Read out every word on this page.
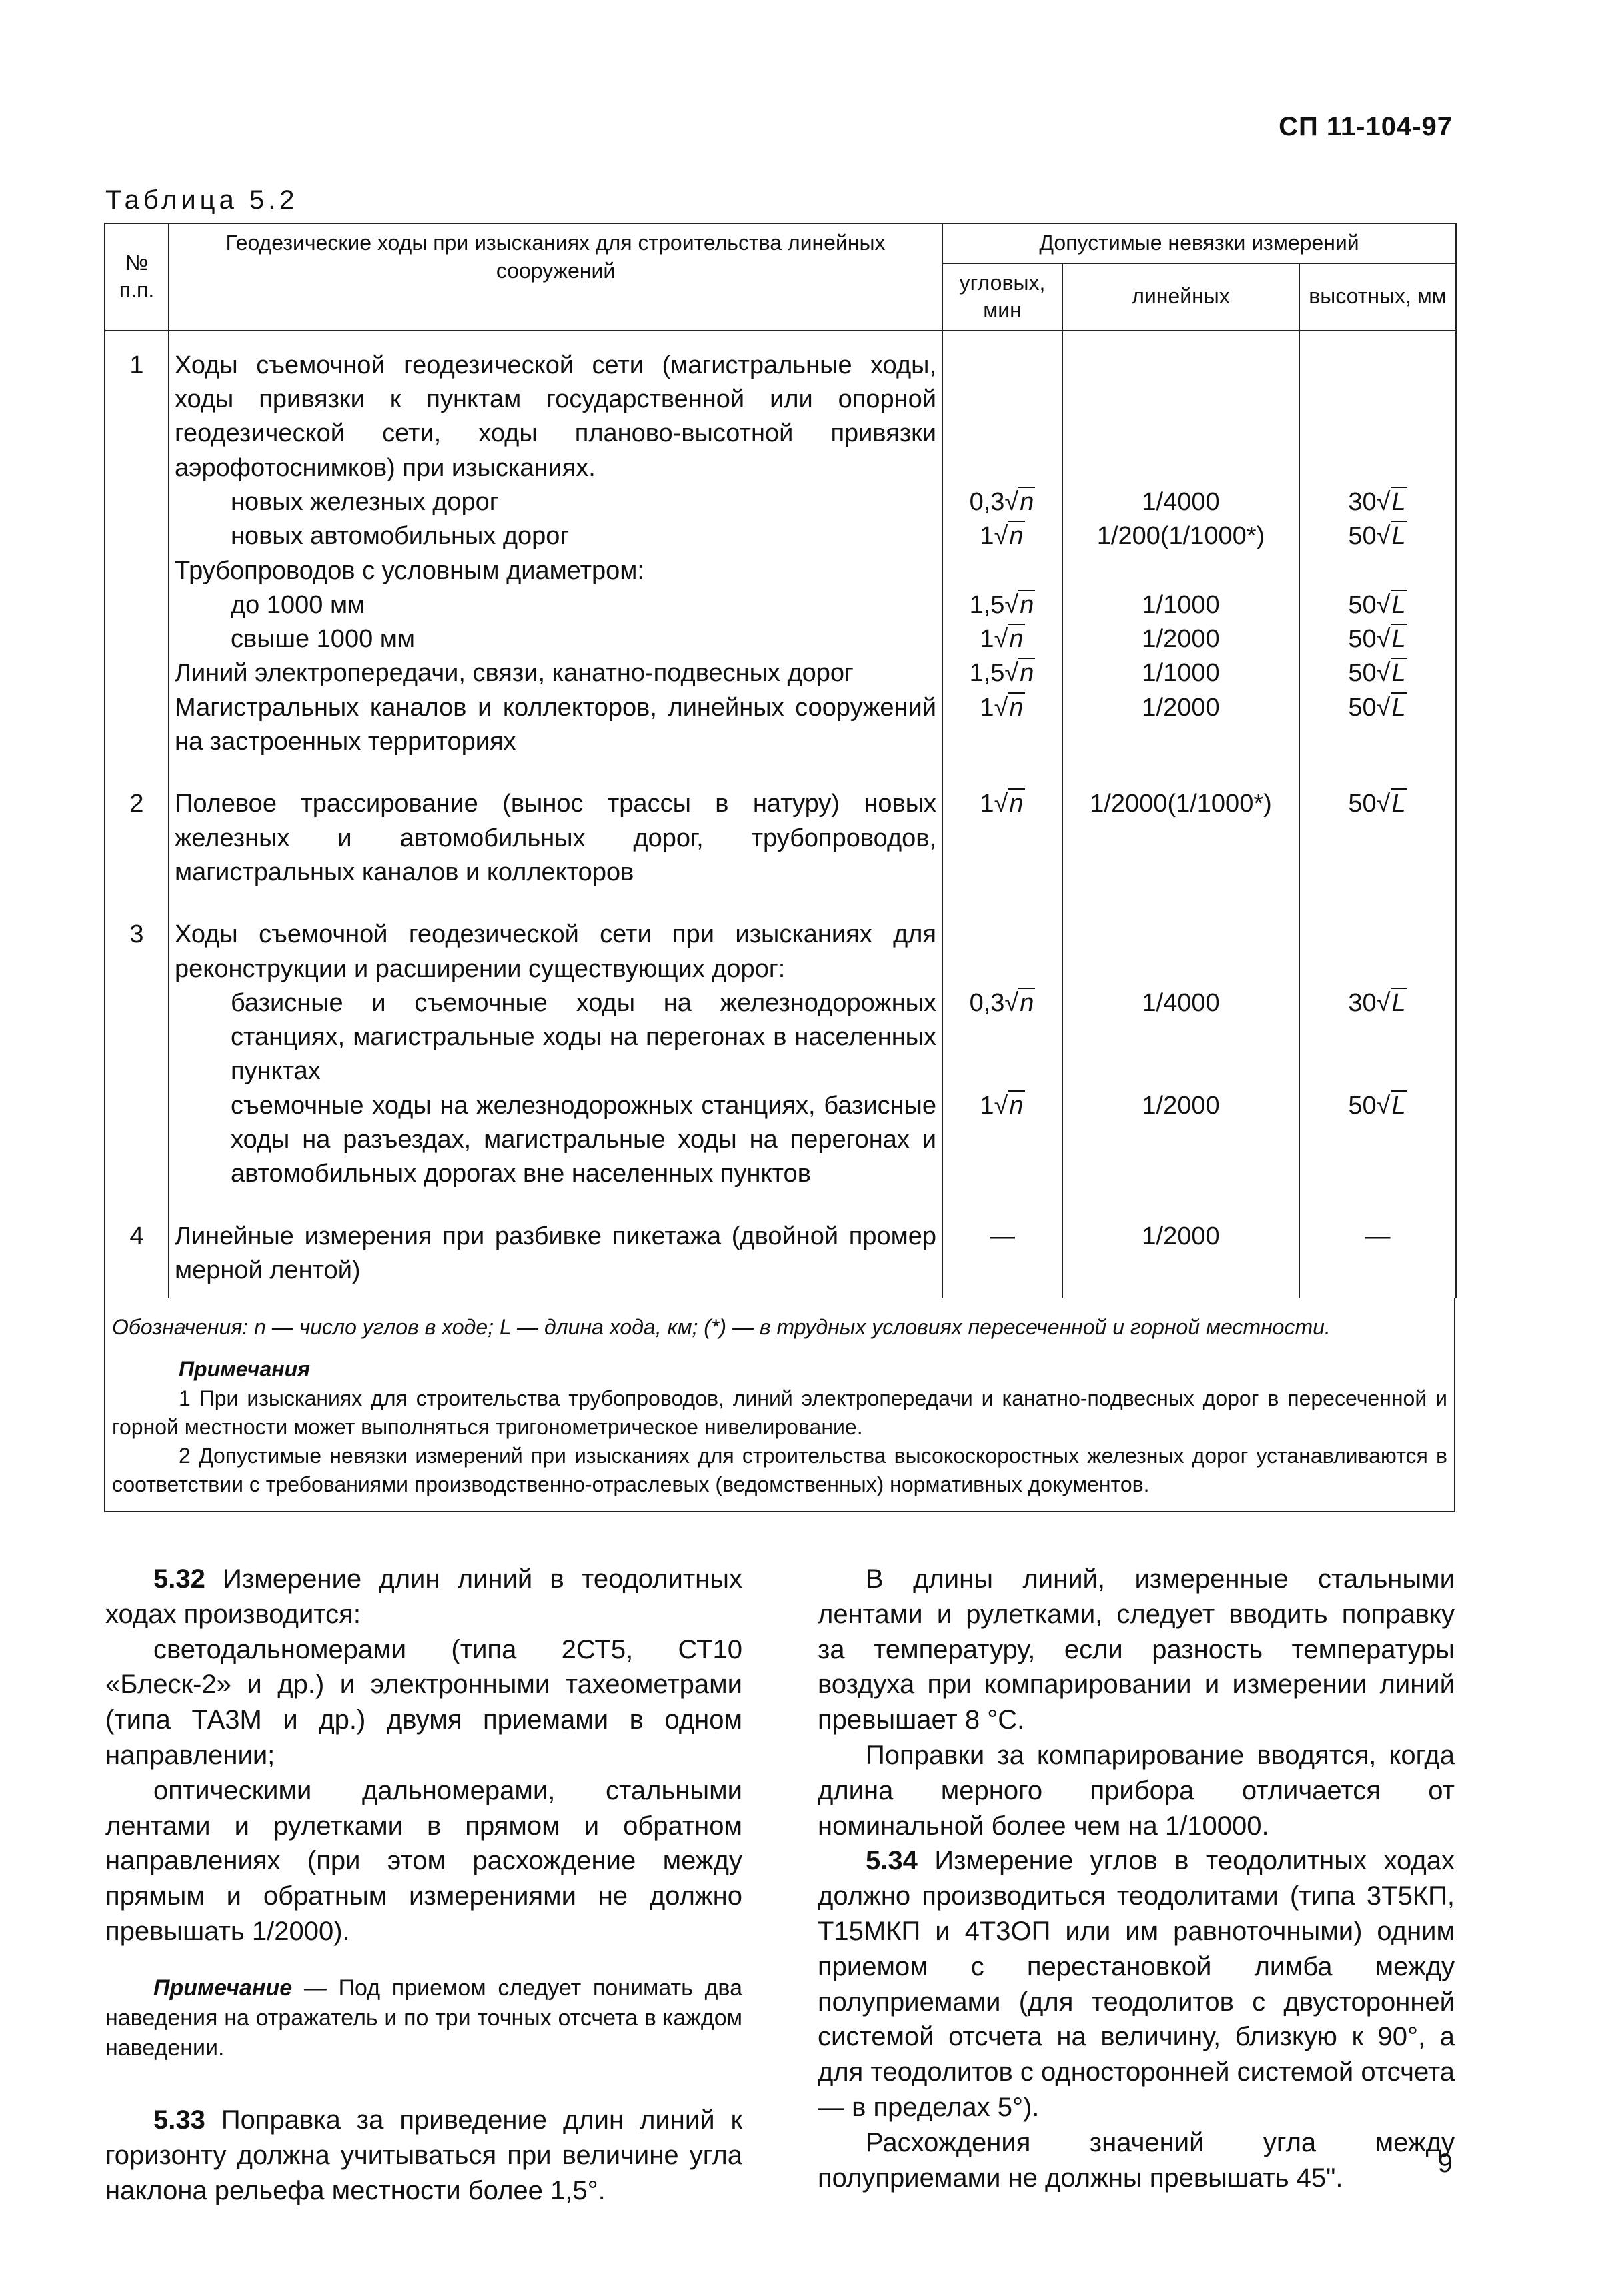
СП 11-104-97
Таблица 5.2
№ п.п.	Геодезические ходы при изысканиях для строительства линейных сооружений	Допустимые невязки измерений		
		угловых, мин	линейных	высотных, мм
1	Ходы съемочной геодезической сети (магистральные ходы, ходы привязки к пунктам государственной или опорной геодезической сети, ходы планово-высотной привязки аэрофотоснимков) при изысканиях.			
	новых железных дорог	0,3√n	1/4000	30√L
	новых автомобильных дорог	1√n	1/200(1/1000*)	50√L
	Трубопроводов с условным диаметром:			
	до 1000 мм	1,5√n	1/1000	50√L
	свыше 1000 мм	1√n	1/2000	50√L
	Линий электропередачи, связи, канатно-подвесных дорог	1,5√n	1/1000	50√L
	Магистральных каналов и коллекторов, линейных сооружений на застроенных территориях	1√n	1/2000	50√L
2	Полевое трассирование (вынос трассы в натуру) новых железных и автомобильных дорог, трубопроводов, магистральных каналов и коллекторов	1√n	1/2000(1/1000*)	50√L
3	Ходы съемочной геодезической сети при изысканиях для реконструкции и расширении существующих дорог:			
	базисные и съемочные ходы на железнодорожных станциях, магистральные ходы на перегонах в населенных пунктах	0,3√n	1/4000	30√L
	съемочные ходы на железнодорожных станциях, базисные ходы на разъездах, магистральные ходы на перегонах и автомобильных дорогах вне населенных пунктов	1√n	1/2000	50√L
4	Линейные измерения при разбивке пикетажа (двойной промер мерной лентой)	—	1/2000	—

Обозначения: n — число углов в ходе; L — длина хода, км; (*) — в трудных условиях пересеченной и горной местности.

Примечания

1 При изысканиях для строительства трубопроводов, линий электропередачи и канатно-подвесных дорог в пересеченной и горной местности может выполняться тригонометрическое нивелирование.

2 Допустимые невязки измерений при изысканиях для строительства высокоскоростных железных дорог устанавливаются в соответствии с требованиями производственно-отраслевых (ведомственных) нормативных документов.

5.32 Измерение длин линий в теодолитных ходах производится:

светодальномерами (типа 2СТ5, СТ10 «Блеск-2» и др.) и электронными тахеометрами (типа ТА3М и др.) двумя приемами в одном направлении;

оптическими дальномерами, стальными лентами и рулетками в прямом и обратном направлениях (при этом расхождение между прямым и обратным измерениями не должно превышать 1/2000).

Примечание — Под приемом следует понимать два наведения на отражатель и по три точных отсчета в каждом наведении.

5.33 Поправка за приведение длин линий к горизонту должна учитываться при величине угла наклона рельефа местности более 1,5°.

В длины линий, измеренные стальными лентами и рулетками, следует вводить поправку за температуру, если разность температуры воздуха при компарировании и измерении линий превышает 8 °С.

Поправки за компарирование вводятся, когда длина мерного прибора отличается от номинальной более чем на 1/10000.

5.34 Измерение углов в теодолитных ходах должно производиться теодолитами (типа 3Т5КП, Т15МКП и 4Т3ОП или им равноточными) одним приемом с перестановкой лимба между полуприемами (для теодолитов с двусторонней системой отсчета на величину, близкую к 90°, а для теодолитов с односторонней системой отсчета — в пределах 5°).

Расхождения значений угла между полуприемами не должны превышать 45".	9
